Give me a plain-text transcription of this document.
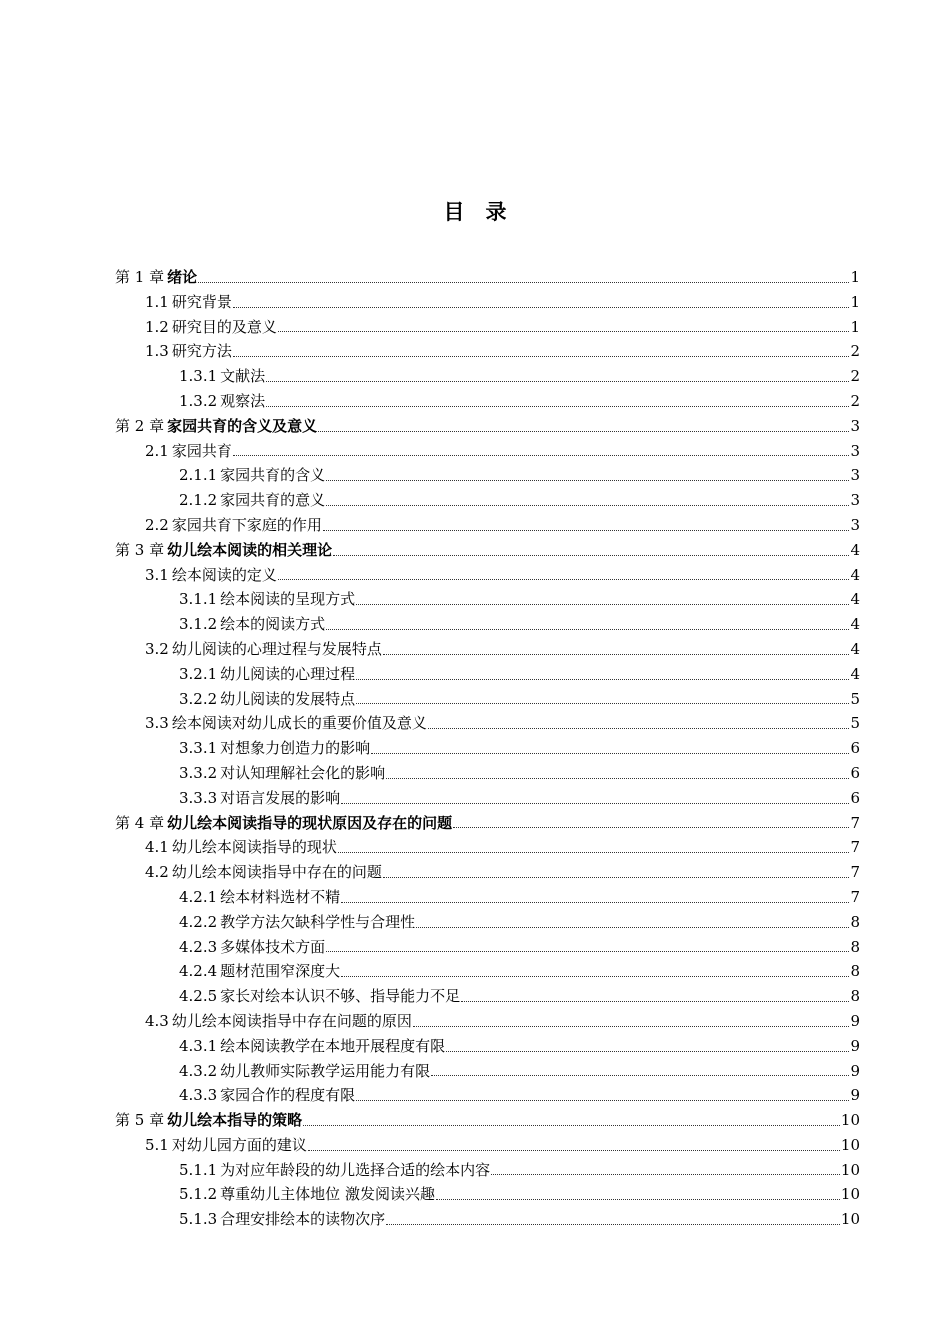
目　录
第 1 章 绪论	1
1.1 研究背景	1
1.2 研究目的及意义	1
1.3 研究方法	2
1.3.1 文献法	2
1.3.2 观察法	2
第 2 章 家园共育的含义及意义	3
2.1 家园共育	3
2.1.1 家园共育的含义	3
2.1.2 家园共育的意义	3
2.2 家园共育下家庭的作用	3
第 3 章 幼儿绘本阅读的相关理论	4
3.1 绘本阅读的定义	4
3.1.1 绘本阅读的呈现方式	4
3.1.2 绘本的阅读方式	4
3.2 幼儿阅读的心理过程与发展特点	4
3.2.1 幼儿阅读的心理过程	4
3.2.2 幼儿阅读的发展特点	5
3.3 绘本阅读对幼儿成长的重要价值及意义	5
3.3.1 对想象力创造力的影响	6
3.3.2 对认知理解社会化的影响	6
3.3.3 对语言发展的影响	6
第 4 章 幼儿绘本阅读指导的现状原因及存在的问题	7
4.1 幼儿绘本阅读指导的现状	7
4.2 幼儿绘本阅读指导中存在的问题	7
4.2.1 绘本材料选材不精	7
4.2.2 教学方法欠缺科学性与合理性	8
4.2.3 多媒体技术方面	8
4.2.4 题材范围窄深度大	8
4.2.5 家长对绘本认识不够、指导能力不足	8
4.3 幼儿绘本阅读指导中存在问题的原因	9
4.3.1 绘本阅读教学在本地开展程度有限	9
4.3.2 幼儿教师实际教学运用能力有限	9
4.3.3 家园合作的程度有限	9
第 5 章 幼儿绘本指导的策略	10
5.1 对幼儿园方面的建议	10
5.1.1 为对应年龄段的幼儿选择合适的绘本内容	10
5.1.2 尊重幼儿主体地位 激发阅读兴趣	10
5.1.3 合理安排绘本的读物次序	10
